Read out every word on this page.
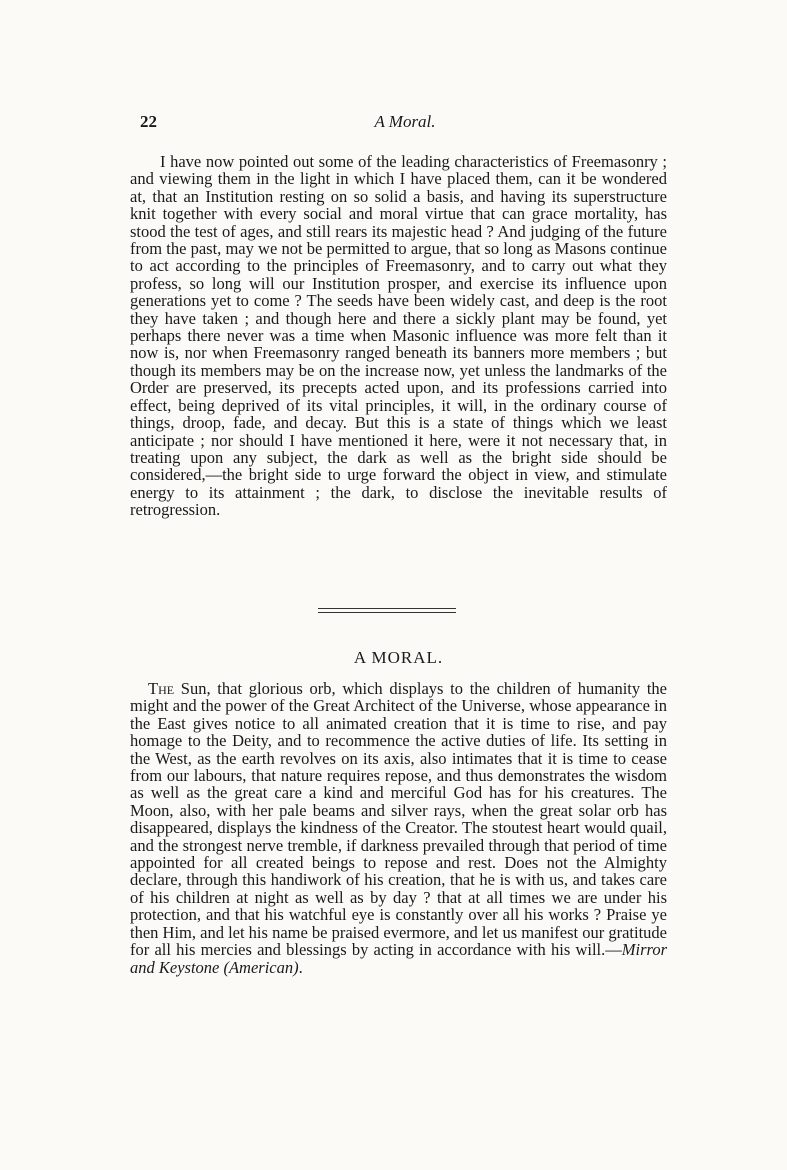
22	A Moral.

I have now pointed out some of the leading characteristics of Freemasonry ; and viewing them in the light in which I have placed them, can it be wondered at, that an Institution resting on so solid a basis, and having its superstructure knit together with every social and moral virtue that can grace mortality, has stood the test of ages, and still rears its majestic head ? And judging of the future from the past, may we not be permitted to argue, that so long as Masons continue to act according to the principles of Freemasonry, and to carry out what they profess, so long will our Institution prosper, and exercise its influence upon generations yet to come ? The seeds have been widely cast, and deep is the root they have taken ; and though here and there a sickly plant may be found, yet perhaps there never was a time when Masonic influence was more felt than it now is, nor when Freemasonry ranged beneath its banners more members ; but though its members may be on the increase now, yet unless the landmarks of the Order are preserved, its precepts acted upon, and its professions carried into effect, being deprived of its vital principles, it will, in the ordinary course of things, droop, fade, and decay. But this is a state of things which we least anticipate ; nor should I have mentioned it here, were it not necessary that, in treating upon any subject, the dark as well as the bright side should be considered,—the bright side to urge forward the object in view, and stimulate energy to its attainment ; the dark, to disclose the inevitable results of retrogression.

A MORAL.

The Sun, that glorious orb, which displays to the children of humanity the might and the power of the Great Architect of the Universe, whose appearance in the East gives notice to all animated creation that it is time to rise, and pay homage to the Deity, and to recommence the active duties of life. Its setting in the West, as the earth revolves on its axis, also intimates that it is time to cease from our labours, that nature requires repose, and thus demonstrates the wisdom as well as the great care a kind and merciful God has for his creatures. The Moon, also, with her pale beams and silver rays, when the great solar orb has disappeared, displays the kindness of the Creator. The stoutest heart would quail, and the strongest nerve tremble, if darkness prevailed through that period of time appointed for all created beings to repose and rest. Does not the Almighty declare, through this handiwork of his creation, that he is with us, and takes care of his children at night as well as by day ? that at all times we are under his protection, and that his watchful eye is constantly over all his works ? Praise ye then Him, and let his name be praised evermore, and let us manifest our gratitude for all his mercies and blessings by acting in accordance with his will.—Mirror and Keystone (American).
